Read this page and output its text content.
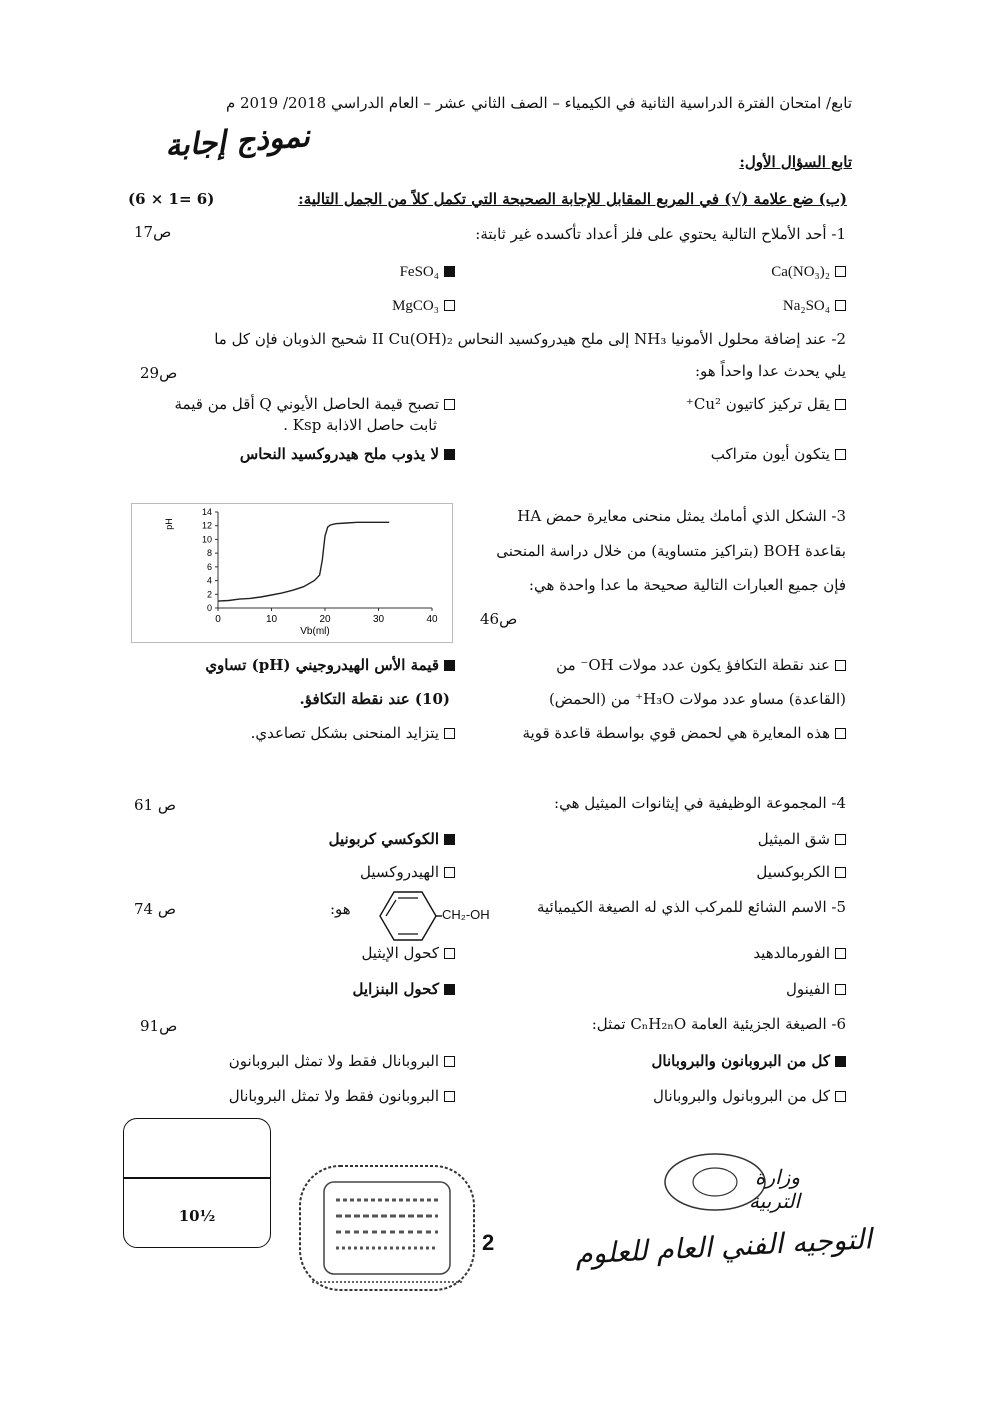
تابع/ امتحان الفترة الدراسية الثانية في الكيمياء – الصف الثاني عشر – العام الدراسي 2018/ 2019 م
نموذج إجابة	تابع السؤال الأول:
(ب) ضع علامة (√) في المربع المقابل للإجابة الصحيحة التي تكمل كلاً من الجمل التالية:
(6 × 1= 6)
1- أحد الأملاح التالية يحتوي على فلز أعداد تأكسده غير ثابتة:
ص17
Ca(NO₃)₂
FeSO₄
Na₂SO₄
MgCO₃
2- عند إضافة محلول الأمونيا NH₃ إلى ملح هيدروكسيد النحاس II Cu(OH)₂ شحيح الذوبان فإن كل ما
يلي يحدث عدا واحداً هو:
ص29
يقل تركيز كاتيون Cu²⁺
تصبح قيمة الحاصل الأيوني Q أقل من قيمة
ثابت حاصل الاذابة Ksp .
يتكون أيون متراكب
لا يذوب ملح هيدروكسيد النحاس
3- الشكل الذي أمامك يمثل منحنى معايرة حمض HA
بقاعدة BOH (بتراكيز متساوية) من خلال دراسة المنحنى
فإن جميع العبارات التالية صحيحة ما عدا واحدة هي:
ص46
0
2
4
6
8
10
12
14
0	10	20	30	40
Vb(ml)
pH
عند نقطة التكافؤ يكون عدد مولات OH⁻ من
(القاعدة) مساو عدد مولات H₃O⁺ من (الحمض)
قيمة الأس الهيدروجيني (pH) تساوي
(10) عند نقطة التكافؤ.
هذه المعايرة هي لحمض قوي بواسطة قاعدة قوية
يتزايد المنحنى بشكل تصاعدي.
4- المجموعة الوظيفية في إيثانوات الميثيل هي:
ص 61
شق الميثيل
الكوكسي كربونيل
الكربوكسيل
الهيدروكسيل
5- الاسم الشائع للمركب الذي له الصيغة الكيميائية
ص 74	هو:	CH₂-OH
الفورمالدهيد
كحول الإيثيل
الفينول
كحول البنزايل
6- الصيغة الجزيئية العامة CₙH₂ₙO تمثل:
ص91
كل من البروبانون والبروبانال
البروبانال فقط ولا تمثل البروبانون
كل من البروبانول والبروبانال
البروبانون فقط ولا تمثل البروبانال
10½
2
وزارة التربية
التوجيه الفني العام للعلوم
